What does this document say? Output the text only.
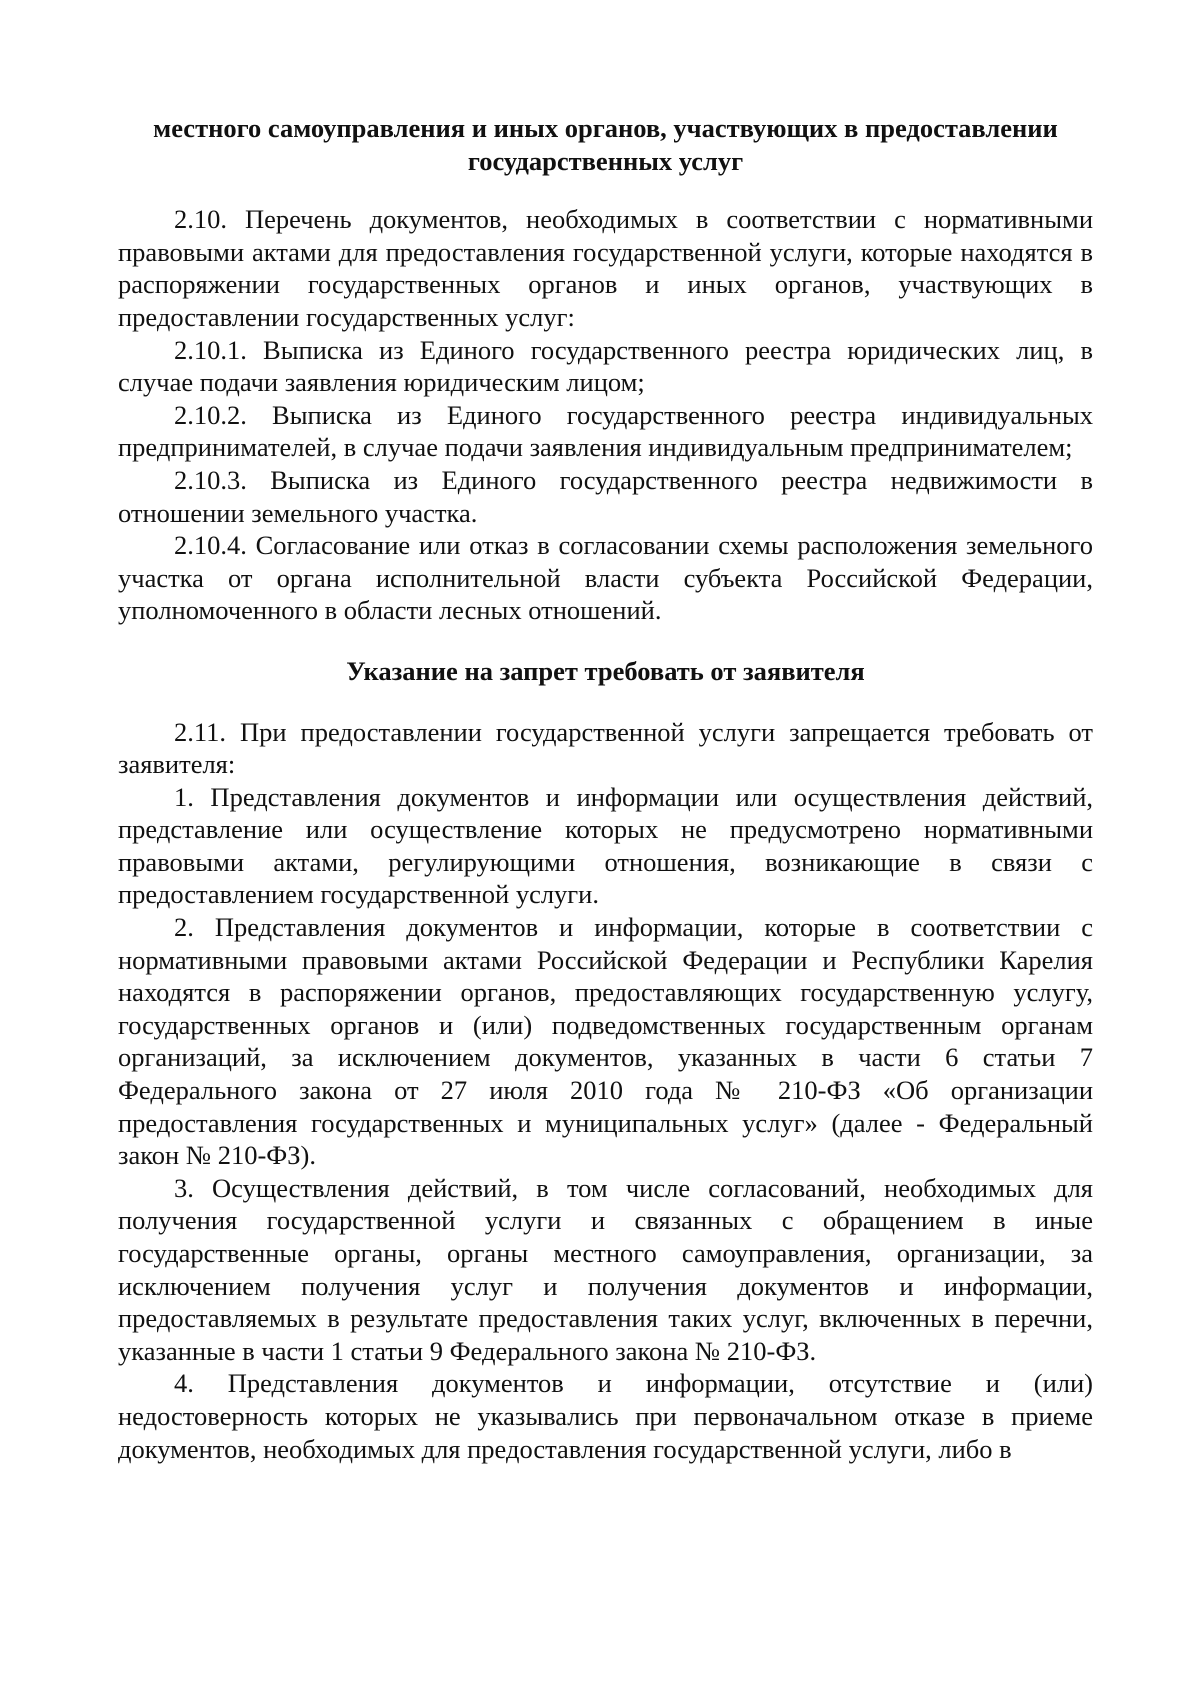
местного самоуправления и иных органов, участвующих в предоставлении государственных услуг

2.10. Перечень документов, необходимых в соответствии с нормативными правовыми актами для предоставления государственной услуги, которые находятся в распоряжении государственных органов и иных органов, участвующих в предоставлении государственных услуг:

2.10.1. Выписка из Единого государственного реестра юридических лиц, в случае подачи заявления юридическим лицом;

2.10.2. Выписка из Единого государственного реестра индивидуальных предпринимателей, в случае подачи заявления индивидуальным предпринимателем;

2.10.3. Выписка из Единого государственного реестра недвижимости в отношении земельного участка.

2.10.4. Согласование или отказ в согласовании схемы расположения земельного участка от органа исполнительной власти субъекта Российской Федерации, уполномоченного в области лесных отношений.

Указание на запрет требовать от заявителя

2.11. При предоставлении государственной услуги запрещается требовать от заявителя:

1. Представления документов и информации или осуществления действий, представление или осуществление которых не предусмотрено нормативными правовыми актами, регулирующими отношения, возникающие в связи с предоставлением государственной услуги.

2. Представления документов и информации, которые в соответствии с нормативными правовыми актами Российской Федерации и Республики Карелия находятся в распоряжении органов, предоставляющих государственную услугу, государственных органов и (или) подведомственных государственным органам организаций, за исключением документов, указанных в части 6 статьи 7 Федерального закона от 27 июля 2010 года № 210-ФЗ «Об организации предоставления государственных и муниципальных услуг» (далее - Федеральный закон № 210-ФЗ).

3. Осуществления действий, в том числе согласований, необходимых для получения государственной услуги и связанных с обращением в иные государственные органы, органы местного самоуправления, организации, за исключением получения услуг и получения документов и информации, предоставляемых в результате предоставления таких услуг, включенных в перечни, указанные в части 1 статьи 9 Федерального закона № 210-ФЗ.

4. Представления документов и информации, отсутствие и (или) недостоверность которых не указывались при первоначальном отказе в приеме документов, необходимых для предоставления государственной услуги, либо в
